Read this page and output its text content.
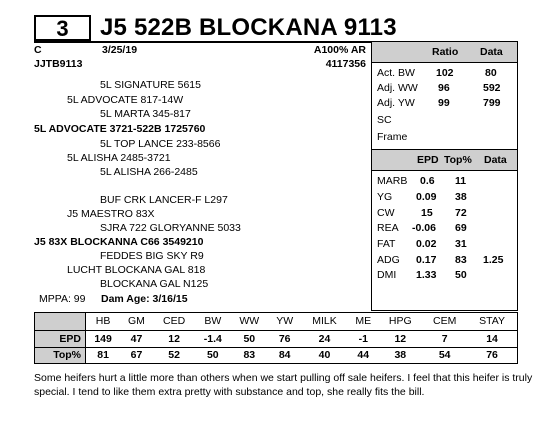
3	J5 522B BLOCKANA 9113
C	3/25/19	A100% AR
JJTB9113	4117356
5L SIGNATURE 5615
5L ADVOCATE 817-14W
5L MARTA 345-817
5L ADVOCATE 3721-522B 1725760
5L TOP LANCE 233-8566
5L ALISHA 2485-3721
5L ALISHA 266-2485
BUF CRK LANCER-F L297
J5 MAESTRO 83X
SJRA 722 GLORYANNE 5033
J5 83X BLOCKANNA C66 3549210
FEDDES BIG SKY R9
LUCHT BLOCKANA GAL 818
BLOCKANA GAL N125
MPPA: 99 Dam Age: 3/16/15
Ratio Data
Act. BW 102	80
Adj. WW 96	592
Adj. YW 99	799
SC
Frame
EPD Top% Data
MARB 0.6 11
YG 0.09 38
CW	15 72
REA -0.06 69
FAT 0.02 31
ADG 0.17 83 1.25
DMI 1.33 50
	HB	GM	CED	BW	WW	YW	MILK	ME	HPG	CEM	STAY
EPD	149	47	12	-1.4	50	76	24	-1	12	7	14
Top%	81	67	52	50	83	84	40	44	38	54	76
Some heifers hurt a little more than others when we start pulling off sale heifers. I feel that this heifer is truly special. I tend to like them extra pretty with substance and top, she really fits the bill.
